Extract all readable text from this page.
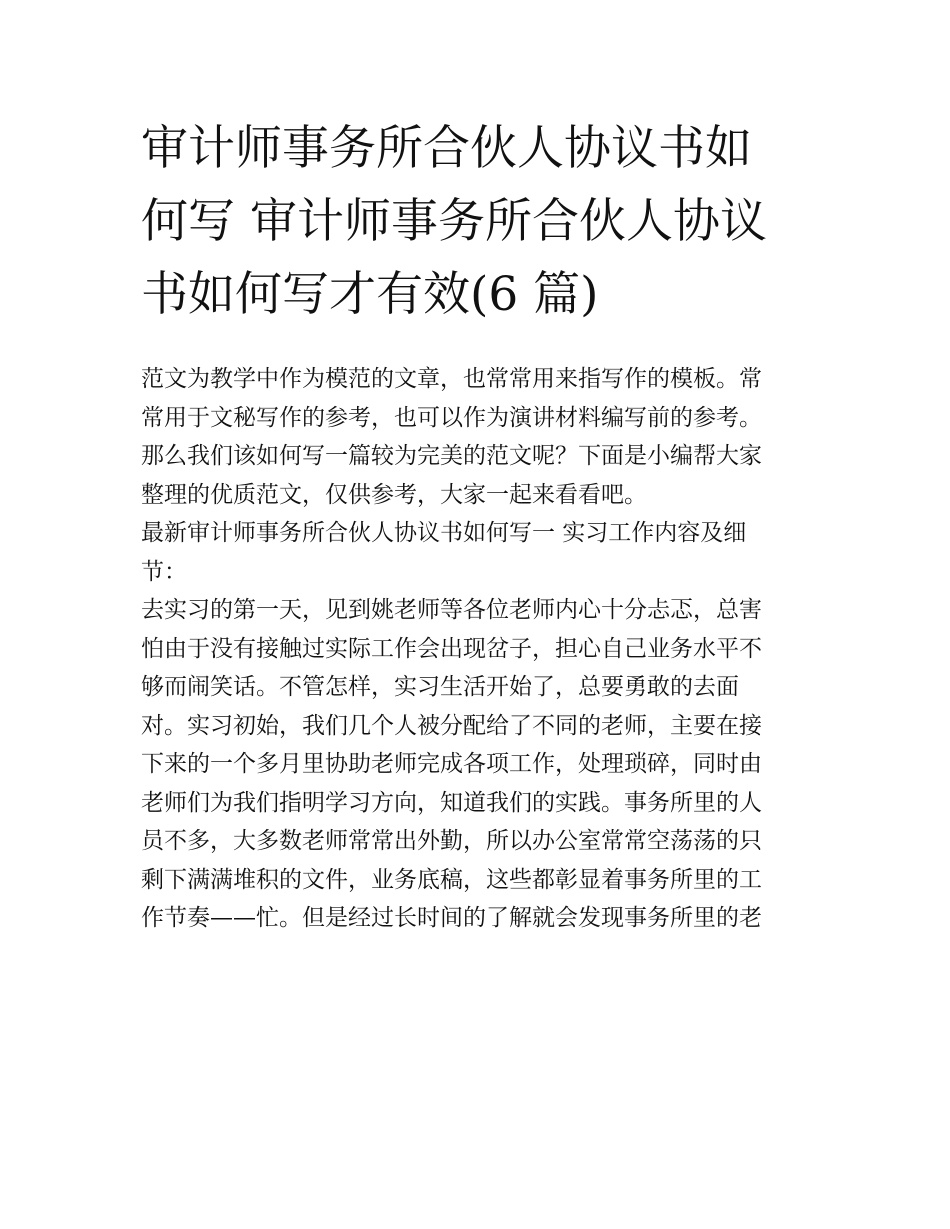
审计师事务所合伙人协议书如
何写 审计师事务所合伙人协议
书如何写才有效(6 篇)
范文为教学中作为模范的文章，也常常用来指写作的模板。常
常用于文秘写作的参考，也可以作为演讲材料编写前的参考。
那么我们该如何写一篇较为完美的范文呢？下面是小编帮大家
整理的优质范文，仅供参考，大家一起来看看吧。
最新审计师事务所合伙人协议书如何写一 实习工作内容及细
节：
去实习的第一天，见到姚老师等各位老师内心十分忐忑，总害
怕由于没有接触过实际工作会出现岔子，担心自己业务水平不
够而闹笑话。不管怎样，实习生活开始了，总要勇敢的去面
对。实习初始，我们几个人被分配给了不同的老师，主要在接
下来的一个多月里协助老师完成各项工作，处理琐碎，同时由
老师们为我们指明学习方向，知道我们的实践。事务所里的人
员不多，大多数老师常常出外勤，所以办公室常常空荡荡的只
剩下满满堆积的文件，业务底稿，这些都彰显着事务所里的工
作节奏——忙。但是经过长时间的了解就会发现事务所里的老
